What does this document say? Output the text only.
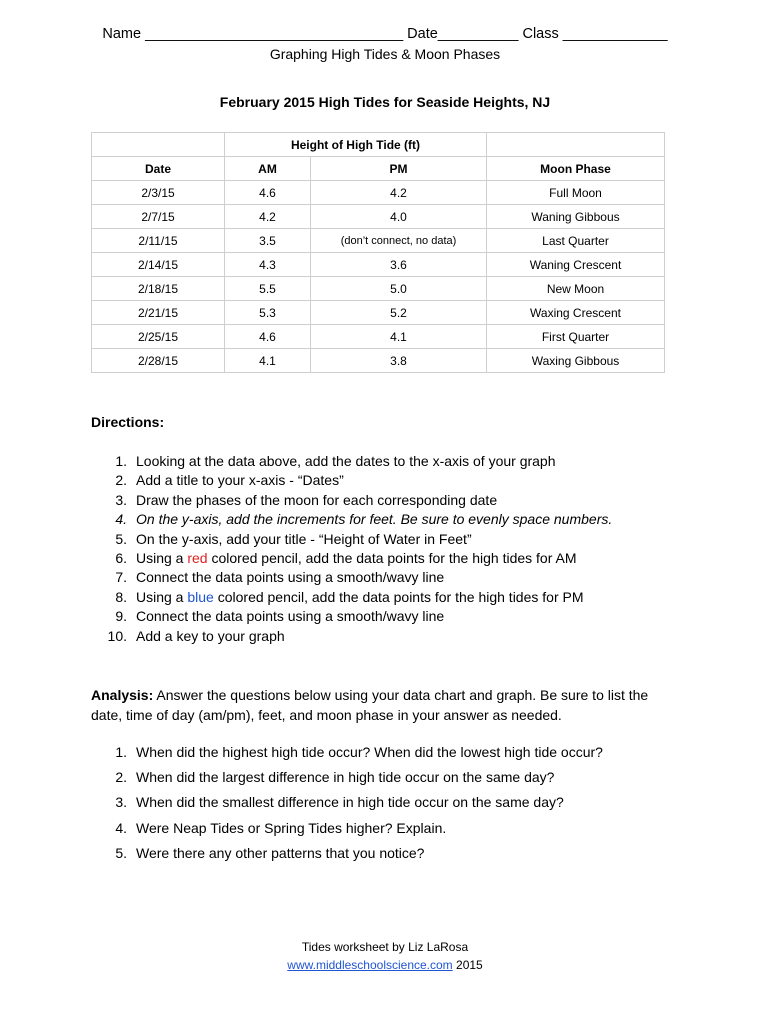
Name ________________________________ Date__________ Class _____________
Graphing High Tides & Moon Phases
February 2015 High Tides for Seaside Heights, NJ
	Height of High Tide (ft)		
Date	AM	PM	Moon Phase
2/3/15	4.6	4.2	Full Moon
2/7/15	4.2	4.0	Waning Gibbous
2/11/15	3.5	(don’t connect, no data)	Last Quarter
2/14/15	4.3	3.6	Waning Crescent
2/18/15	5.5	5.0	New Moon
2/21/15	5.3	5.2	Waxing Crescent
2/25/15	4.6	4.1	First Quarter
2/28/15	4.1	3.8	Waxing Gibbous
Directions:
1. Looking at the data above, add the dates to the x-axis of your graph
2. Add a title to your x-axis - “Dates”
3. Draw the phases of the moon for each corresponding date
4. On the y-axis, add the increments for feet. Be sure to evenly space numbers.
5. On the y-axis, add your title - “Height of Water in Feet”
6. Using a red colored pencil, add the data points for the high tides for AM
7. Connect the data points using a smooth/wavy line
8. Using a blue colored pencil, add the data points for the high tides for PM
9. Connect the data points using a smooth/wavy line
10. Add a key to your graph
Analysis: Answer the questions below using your data chart and graph. Be sure to list the date, time of day (am/pm), feet, and moon phase in your answer as needed.
1. When did the highest high tide occur? When did the lowest high tide occur?
2. When did the largest difference in high tide occur on the same day?
3. When did the smallest difference in high tide occur on the same day?
4. Were Neap Tides or Spring Tides higher? Explain.
5. Were there any other patterns that you notice?
Tides worksheet by Liz LaRosa
www.middleschoolscience.com 2015
